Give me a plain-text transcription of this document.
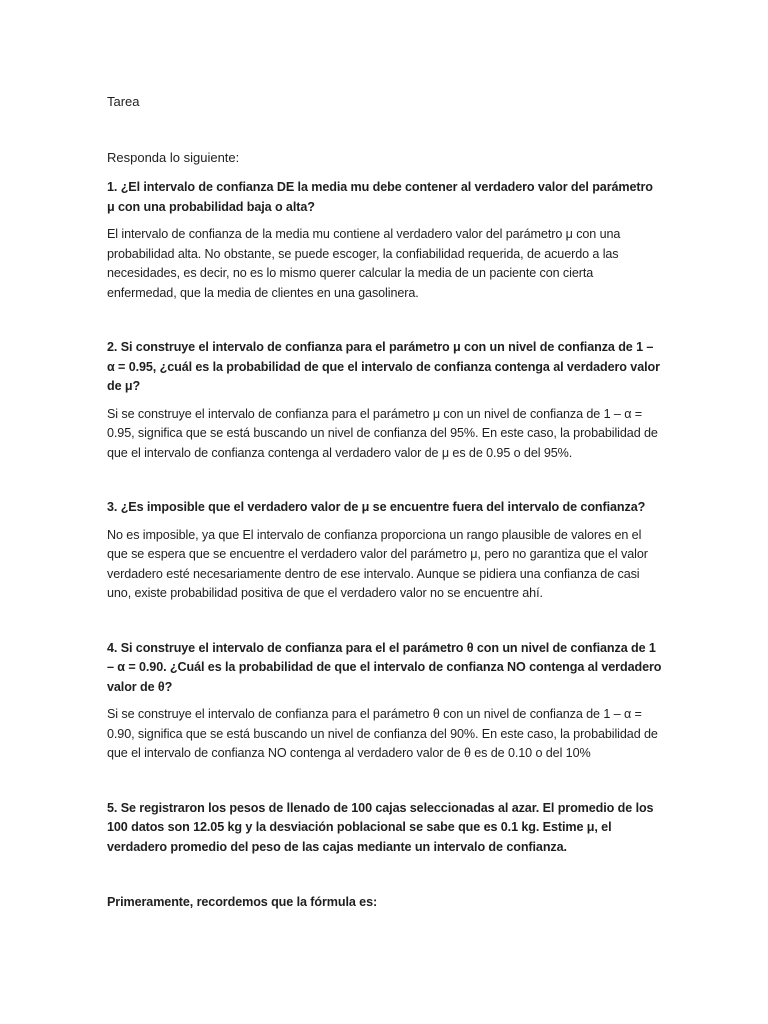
Tarea

Responda lo siguiente:

1. ¿El intervalo de confianza DE la media mu debe contener al verdadero valor del parámetro μ con una probabilidad baja o alta?

El intervalo de confianza de la media mu contiene al verdadero valor del parámetro μ con una probabilidad alta. No obstante, se puede escoger, la confiabilidad requerida, de acuerdo a las necesidades, es decir, no es lo mismo querer calcular la media de un paciente con cierta enfermedad, que la media de clientes en una gasolinera.

2. Si construye el intervalo de confianza para el parámetro μ con un nivel de confianza de 1 – α = 0.95, ¿cuál es la probabilidad de que el intervalo de confianza contenga al verdadero valor de μ?

Si se construye el intervalo de confianza para el parámetro μ con un nivel de confianza de 1 – α = 0.95, significa que se está buscando un nivel de confianza del 95%. En este caso, la probabilidad de que el intervalo de confianza contenga al verdadero valor de μ es de 0.95 o del 95%.

3. ¿Es imposible que el verdadero valor de μ se encuentre fuera del intervalo de confianza?

No es imposible, ya que El intervalo de confianza proporciona un rango plausible de valores en el que se espera que se encuentre el verdadero valor del parámetro μ, pero no garantiza que el valor verdadero esté necesariamente dentro de ese intervalo. Aunque se pidiera una confianza de casi uno, existe probabilidad positiva de que el verdadero valor no se encuentre ahí.

4. Si construye el intervalo de confianza para el el parámetro θ con un nivel de confianza de 1 – α = 0.90. ¿Cuál es la probabilidad de que el intervalo de confianza NO contenga al verdadero valor de θ?

Si se construye el intervalo de confianza para el parámetro θ con un nivel de confianza de 1 – α = 0.90, significa que se está buscando un nivel de confianza del 90%. En este caso, la probabilidad de que el intervalo de confianza NO contenga al verdadero valor de θ es de 0.10 o del 10%

5. Se registraron los pesos de llenado de 100 cajas seleccionadas al azar. El promedio de los 100 datos son 12.05 kg y la desviación poblacional se sabe que es 0.1 kg. Estime μ, el verdadero promedio del peso de las cajas mediante un intervalo de confianza.

Primeramente, recordemos que la fórmula es:
